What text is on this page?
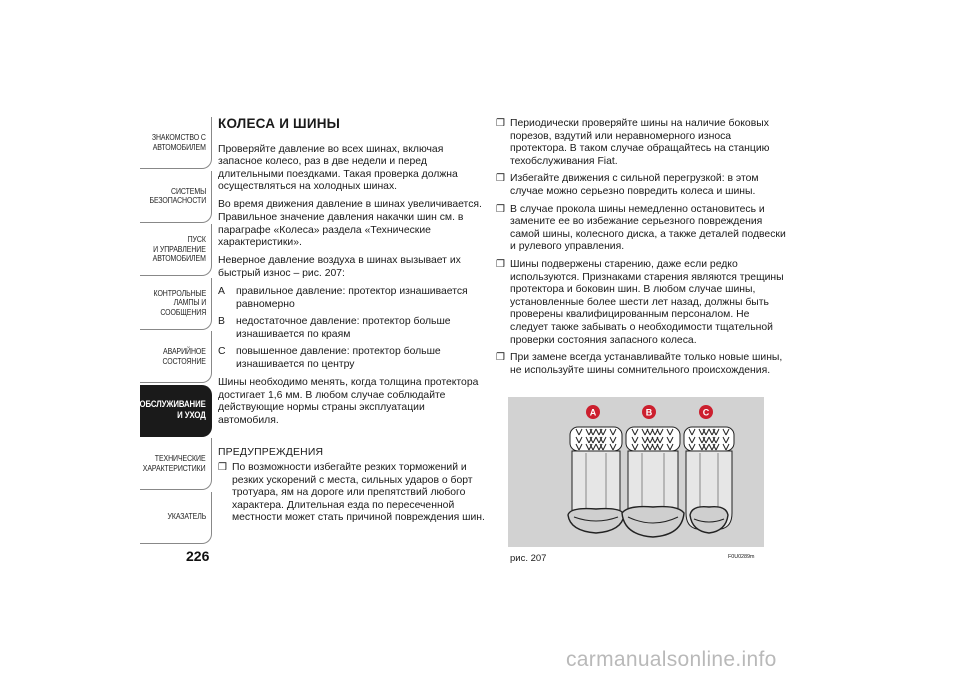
ЗНАКОМСТВО С
АВТОМОБИЛЕМ
СИСТЕМЫ
БЕЗОПАСНОСТИ
ПУСК
И УПРАВЛЕНИЕ
АВТОМОБИЛЕМ
КОНТРОЛЬНЫЕ
ЛАМПЫ И
СООБЩЕНИЯ
АВАРИЙНОЕ
СОСТОЯНИЕ
ТЕХОБСЛУЖИВАНИЕ
И УХОД
ТЕХНИЧЕСКИЕ
ХАРАКТЕРИСТИКИ
УКАЗАТЕЛЬ
226
КОЛЕСА И ШИНЫ

Проверяйте давление во всех шинах, включая запасное колесо, раз в две недели и перед длительными поездками. Такая проверка должна осуществляться на холодных шинах.

Во время движения давление в шинах увеличивается. Правильное значение давления накачки шин см. в параграфе «Колеса» раздела «Технические характеристики».

Неверное давление воздуха в шинах вызывает их быстрый износ – рис. 207:

A	правильное давление: протектор изнашивается равномерно
B	недостаточное давление: протектор больше изнашивается по краям
C	повышенное давление: протектор больше изнашивается по центру

Шины необходимо менять, когда толщина протектора достигает 1,6 мм. В любом случае соблюдайте действующие нормы страны эксплуатации автомобиля.

ПРЕДУПРЕЖДЕНИЯ
❒ По возможности избегайте резких торможений и резких ускорений с места, сильных ударов о борт тротуара, ям на дороге или препятствий любого характера. Длительная езда по пересеченной местности может стать причиной повреждения шин.
❒ Периодически проверяйте шины на наличие боковых порезов, вздутий или неравномерного износа протектора. В таком случае обращайтесь на станцию техобслуживания Fiat.
❒ Избегайте движения с сильной перегрузкой: в этом случае можно серьезно повредить колеса и шины.
❒ В случае прокола шины немедленно остановитесь и замените ее во избежание серьезного повреждения самой шины, колесного диска, а также деталей подвески и рулевого управления.
❒ Шины подвержены старению, даже если редко используются. Признаками старения являются трещины протектора и боковин шин. В любом случае шины, установленные более шести лет назад, должны быть проверены квалифицированным персоналом. Не следует также забывать о необходимости тщательной проверки состояния запасного колеса.
❒ При замене всегда устанавливайте только новые шины, не используйте шины сомнительного происхождения.
A	B	C
рис. 207	F0U0289m
carmanualsonline.info
